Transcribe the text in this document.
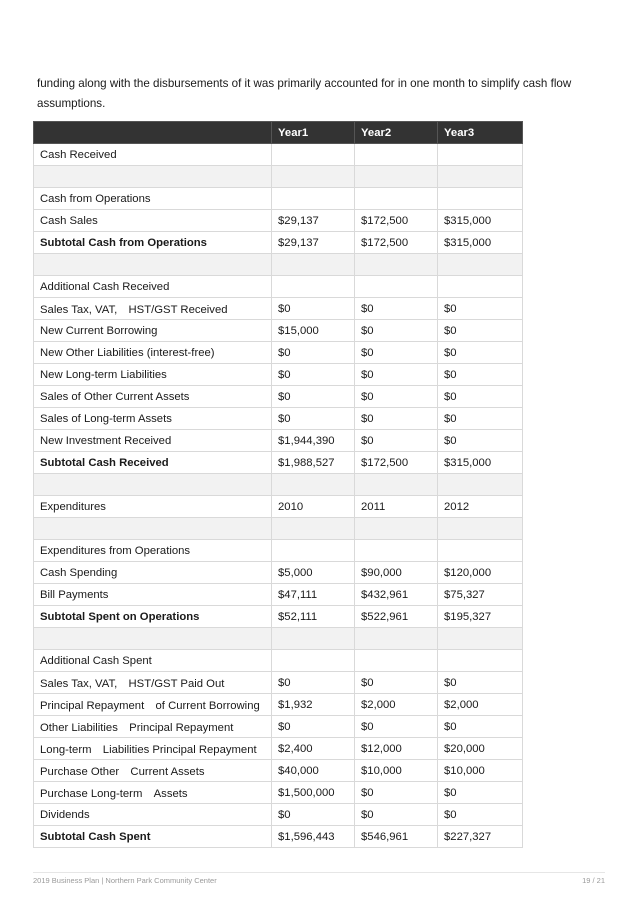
funding along with the disbursements of it was primarily accounted for in one month to simplify cash flow assumptions.

	Year1	Year2	Year3
Cash Received			

Cash from Operations			
Cash Sales	$29,137	$172,500	$315,000
Subtotal Cash from Operations	$29,137	$172,500	$315,000

Additional Cash Received			
Sales Tax, VAT,　HST/GST Received	$0	$0	$0
New Current Borrowing	$15,000	$0	$0
New Other Liabilities (interest-free)	$0	$0	$0
New Long-term Liabilities	$0	$0	$0
Sales of Other Current Assets	$0	$0	$0
Sales of Long-term Assets	$0	$0	$0
New Investment Received	$1,944,390	$0	$0
Subtotal Cash Received	$1,988,527	$172,500	$315,000

Expenditures	2010	2011	2012

Expenditures from Operations			
Cash Spending	$5,000	$90,000	$120,000
Bill Payments	$47,111	$432,961	$75,327
Subtotal Spent on Operations	$52,111	$522,961	$195,327

Additional Cash Spent			
Sales Tax, VAT,　HST/GST Paid Out	$0	$0	$0
Principal Repayment　of Current Borrowing	$1,932	$2,000	$2,000
Other Liabilities　Principal Repayment	$0	$0	$0
Long-term　Liabilities Principal Repayment	$2,400	$12,000	$20,000
Purchase Other　Current Assets	$40,000	$10,000	$10,000
Purchase Long-term　Assets	$1,500,000	$0	$0
Dividends	$0	$0	$0
Subtotal Cash Spent	$1,596,443	$546,961	$227,327
2019 Business Plan | Northern Park Community Center	19 / 21
